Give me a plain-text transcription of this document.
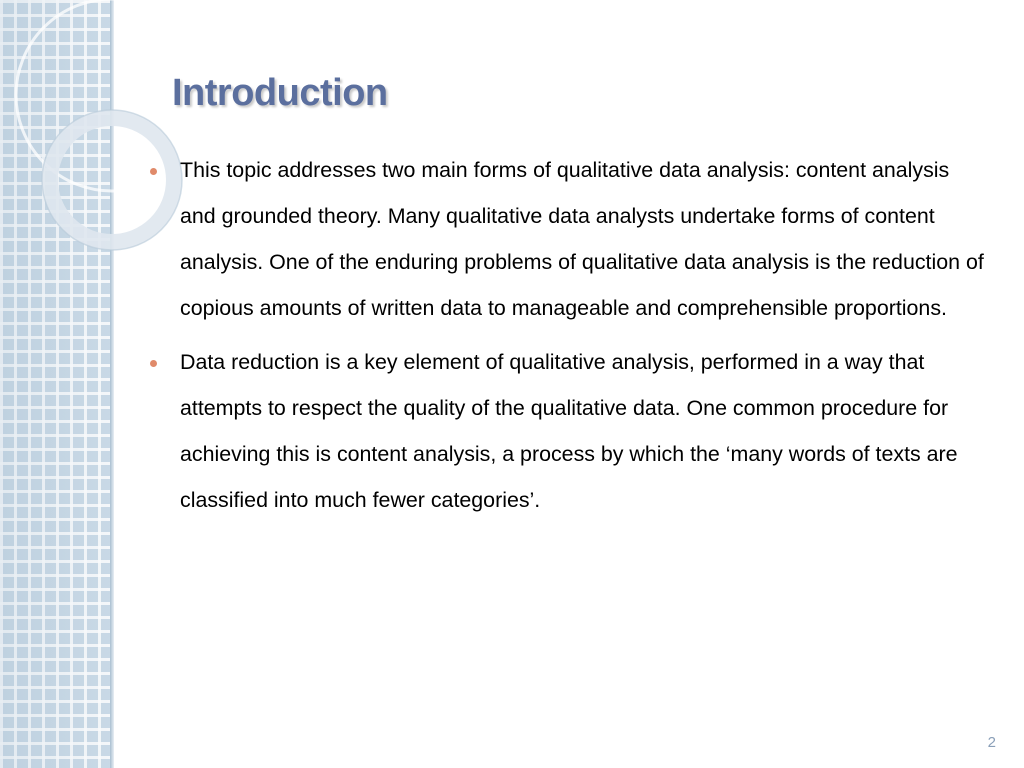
Introduction
This topic addresses two main forms of qualitative data analysis: content analysis and grounded theory. Many qualitative data analysts undertake forms of content analysis. One of the enduring problems of qualitative data analysis is the reduction of copious amounts of written data to manageable and comprehensible proportions.
Data reduction is a key element of qualitative analysis, performed in a way that attempts to respect the quality of the qualitative data. One common procedure for achieving this is content analysis, a process by which the ‘many words of texts are classified into much fewer categories’.
2
